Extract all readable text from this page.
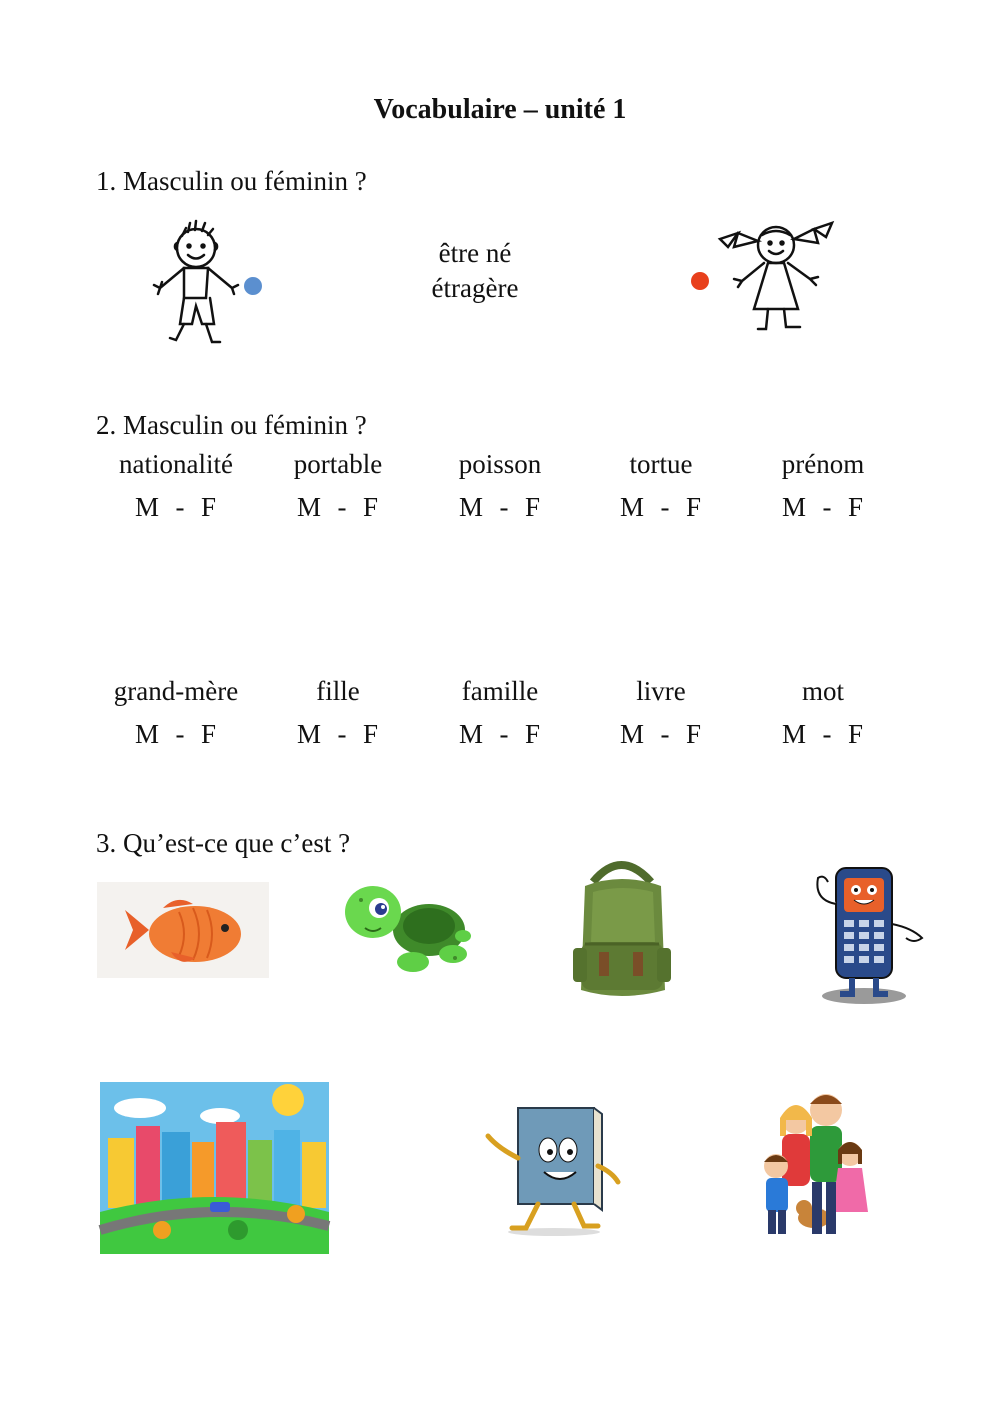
Vocabulaire – unité 1
1. Masculin ou féminin ?
être né
étragère
2. Masculin ou féminin ?
nationalité	portable	poisson	tortue	prénom
M  -  F	M  -  F	M  -  F	M  -  F	M  -  F
grand-mère	fille	famille	livre	mot
M  -  F	M  -  F	M  -  F	M  -  F	M  -  F
3. Qu’est-ce que c’est ?
